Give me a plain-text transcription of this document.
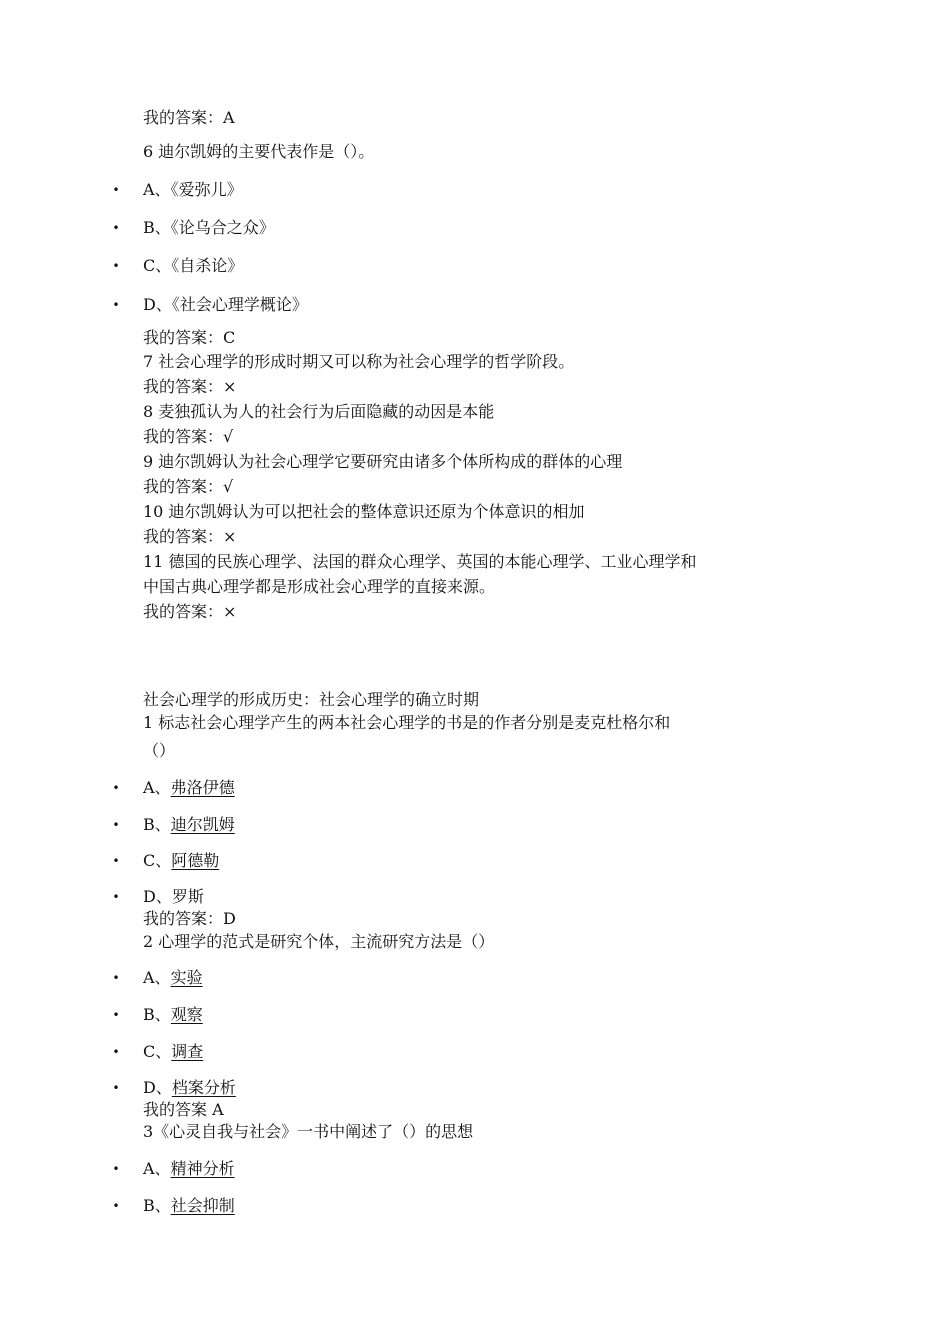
我的答案：A

6 迪尔凯姆的主要代表作是（）。

• A、《爱弥儿》

• B、《论乌合之众》

• C、《自杀论》

• D、《社会心理学概论》

我的答案：C

7 社会心理学的形成时期又可以称为社会心理学的哲学阶段。

我的答案：×

8 麦独孤认为人的社会行为后面隐藏的动因是本能

我的答案：√

9 迪尔凯姆认为社会心理学它要研究由诸多个体所构成的群体的心理

我的答案：√

10 迪尔凯姆认为可以把社会的整体意识还原为个体意识的相加

我的答案：×

11 德国的民族心理学、法国的群众心理学、英国的本能心理学、工业心理学和

中国古典心理学都是形成社会心理学的直接来源。

我的答案：×

社会心理学的形成历史：社会心理学的确立时期

1 标志社会心理学产生的两本社会心理学的书是的作者分别是麦克杜格尔和

（）

• A、弗洛伊德

• B、迪尔凯姆

• C、阿德勒

• D、罗斯

我的答案：D

2 心理学的范式是研究个体，主流研究方法是（）

• A、实验

• B、观察

• C、调查

• D、档案分析

我的答案 A

3《心灵自我与社会》一书中阐述了（）的思想

• A、精神分析

• B、社会抑制
